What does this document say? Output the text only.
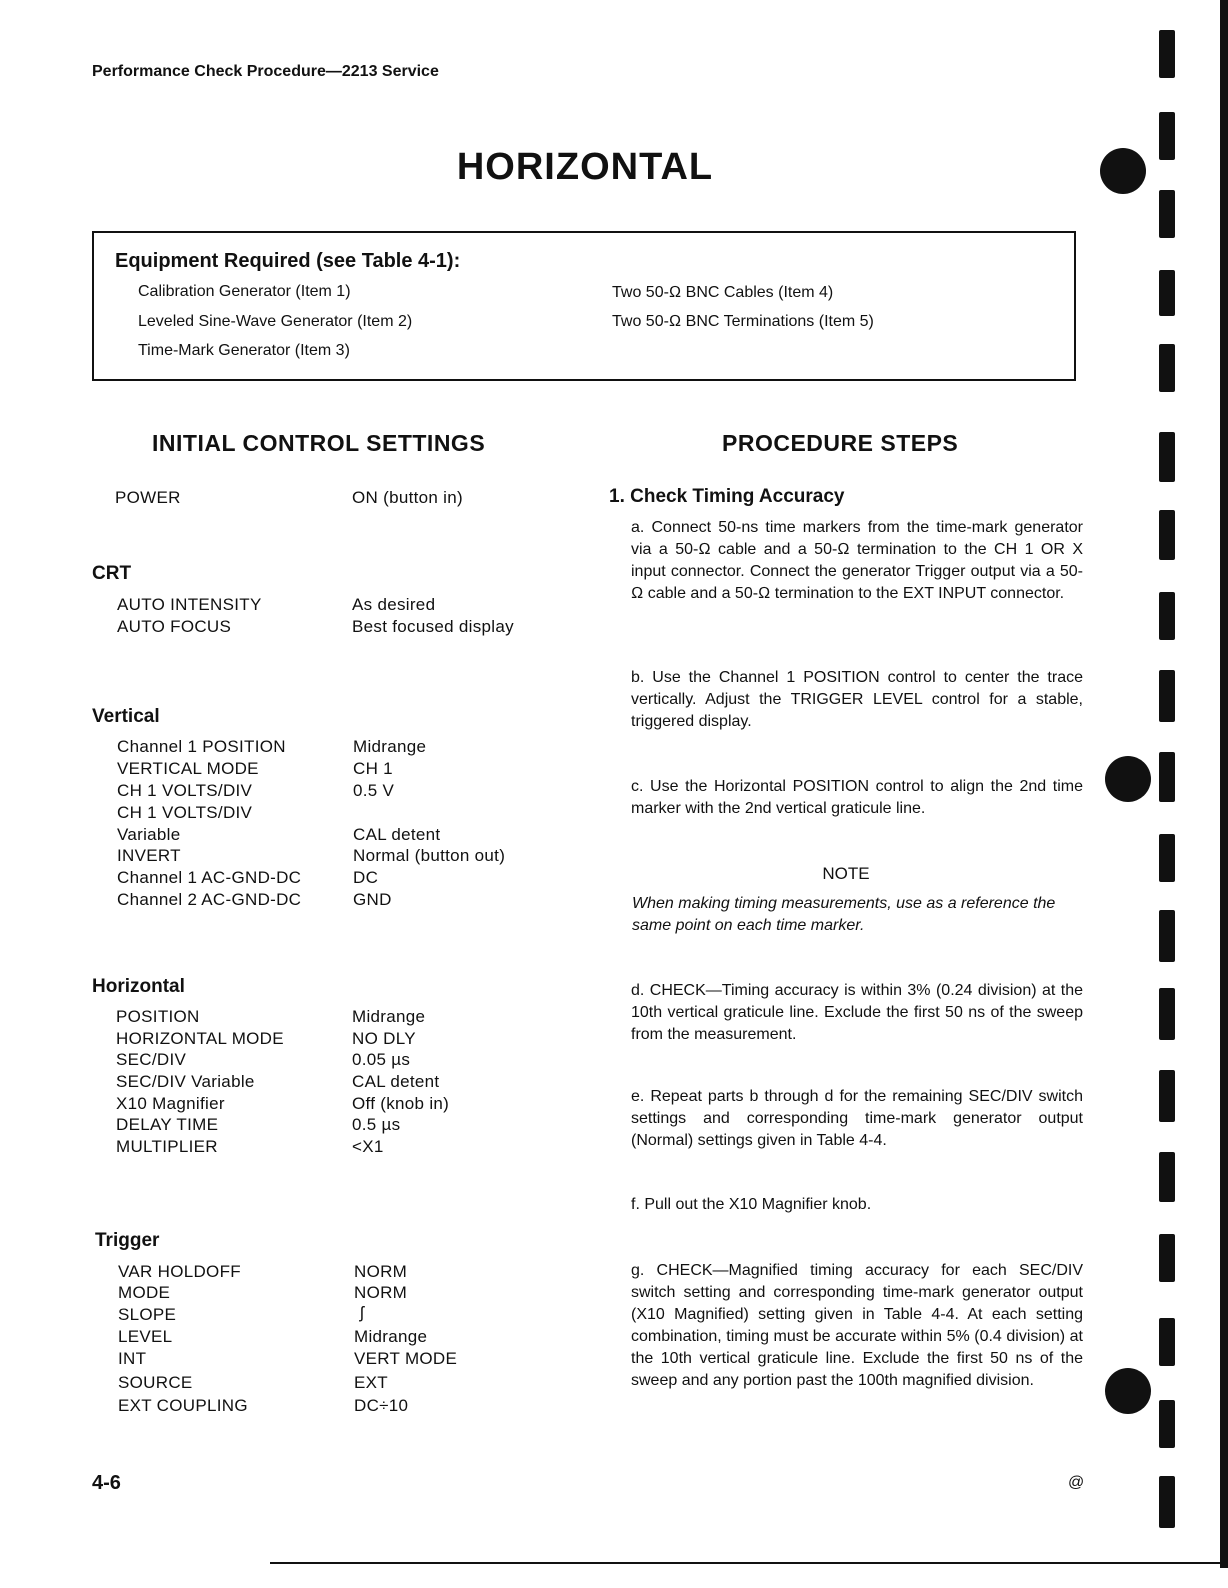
Performance Check Procedure—2213 Service
HORIZONTAL
Equipment Required (see Table 4-1):
Calibration Generator (Item 1)
Leveled Sine-Wave Generator (Item 2)
Time-Mark Generator (Item 3)
Two 50-Ω BNC Cables (Item 4)
Two 50-Ω BNC Terminations (Item 5)
INITIAL CONTROL SETTINGS	PROCEDURE STEPS
POWER	ON (button in)
CRT
AUTO INTENSITY	As desired
AUTO FOCUS	Best focused display
Vertical
Channel 1 POSITION	Midrange
VERTICAL MODE	CH 1
CH 1 VOLTS/DIV	0.5 V
CH 1 VOLTS/DIV
Variable	CAL detent
INVERT	Normal (button out)
Channel 1 AC-GND-DC	DC
Channel 2 AC-GND-DC	GND
Horizontal
POSITION	Midrange
HORIZONTAL MODE	NO DLY
SEC/DIV	0.05 µs
SEC/DIV Variable	CAL detent
X10 Magnifier	Off (knob in)
DELAY TIME	0.5 µs
MULTIPLIER	<X1
Trigger
VAR HOLDOFF	NORM
MODE	NORM
SLOPE	ʃ
LEVEL	Midrange
INT	VERT MODE
SOURCE	EXT
EXT COUPLING	DC÷10
1. Check Timing Accuracy
a. Connect 50-ns time markers from the time-mark generator via a 50-Ω cable and a 50-Ω termination to the CH 1 OR X input connector. Connect the generator Trigger output via a 50-Ω cable and a 50-Ω termination to the EXT INPUT connector.
b. Use the Channel 1 POSITION control to center the trace vertically. Adjust the TRIGGER LEVEL control for a stable, triggered display.
c. Use the Horizontal POSITION control to align the 2nd time marker with the 2nd vertical graticule line.
NOTE
When making timing measurements, use as a reference the same point on each time marker.
d. CHECK—Timing accuracy is within 3% (0.24 division) at the 10th vertical graticule line. Exclude the first 50 ns of the sweep from the measurement.
e. Repeat parts b through d for the remaining SEC/DIV switch settings and corresponding time-mark generator output (Normal) settings given in Table 4-4.
f. Pull out the X10 Magnifier knob.
g. CHECK—Magnified timing accuracy for each SEC/DIV switch setting and corresponding time-mark generator output (X10 Magnified) setting given in Table 4-4. At each setting combination, timing must be accurate within 5% (0.4 division) at the 10th vertical graticule line. Exclude the first 50 ns of the sweep and any portion past the 100th magnified division.
4-6	@
